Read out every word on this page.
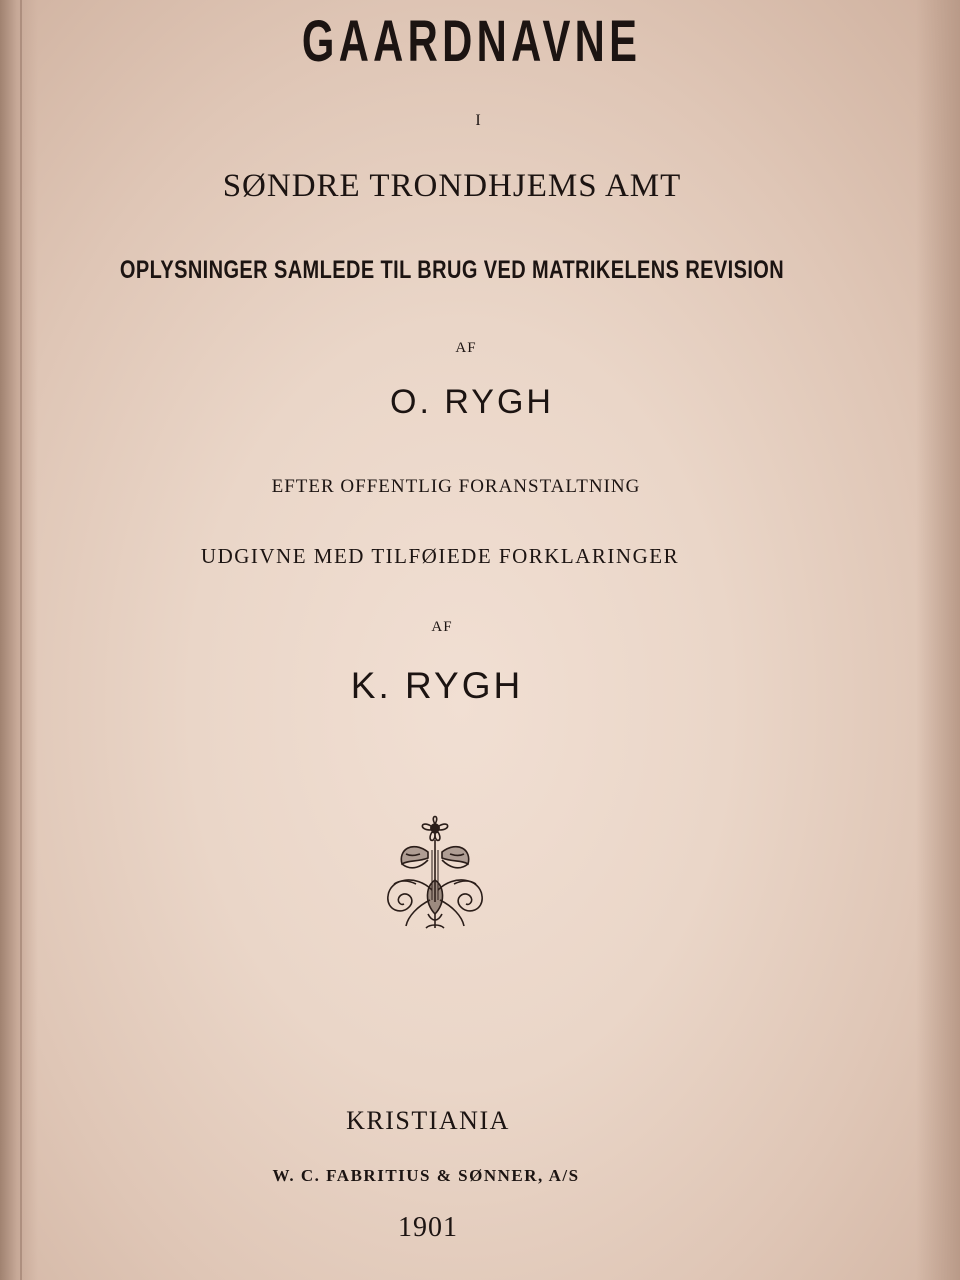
GAARDNAVNE
I
SØNDRE TRONDHJEMS AMT
OPLYSNINGER SAMLEDE TIL BRUG VED MATRIKELENS REVISION
AF
O. RYGH
EFTER OFFENTLIG FORANSTALTNING
UDGIVNE MED TILFØIEDE FORKLARINGER
AF
K. RYGH
KRISTIANIA
W. C. FABRITIUS & SØNNER, A/S
1901
